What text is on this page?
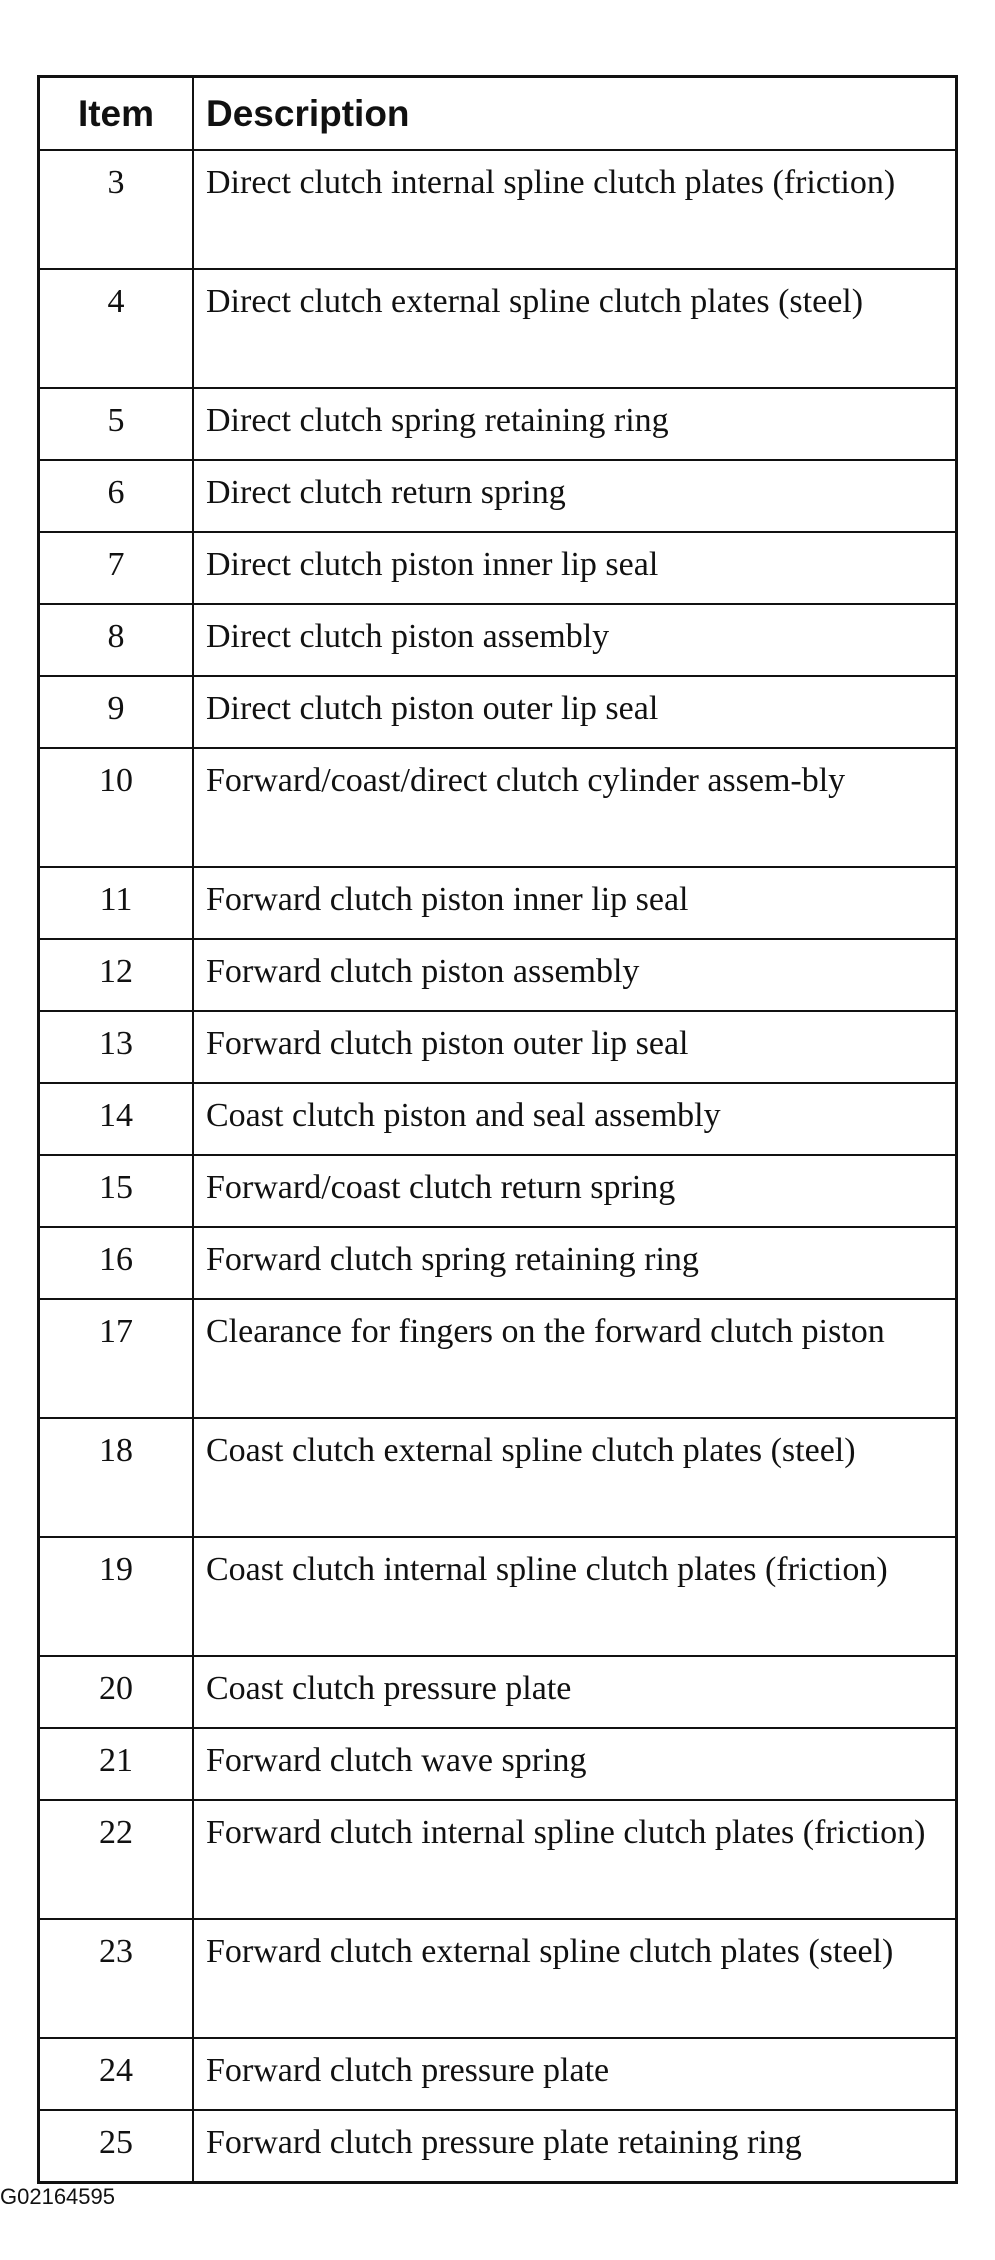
Item	Description
3	Direct clutch internal spline clutch plates (friction)
4	Direct clutch external spline clutch plates (steel)
5	Direct clutch spring retaining ring
6	Direct clutch return spring
7	Direct clutch piston inner lip seal
8	Direct clutch piston assembly
9	Direct clutch piston outer lip seal
10	Forward/coast/direct clutch cylinder assem-bly
11	Forward clutch piston inner lip seal
12	Forward clutch piston assembly
13	Forward clutch piston outer lip seal
14	Coast clutch piston and seal assembly
15	Forward/coast clutch return spring
16	Forward clutch spring retaining ring
17	Clearance for fingers on the forward clutch piston
18	Coast clutch external spline clutch plates (steel)
19	Coast clutch internal spline clutch plates (friction)
20	Coast clutch pressure plate
21	Forward clutch wave spring
22	Forward clutch internal spline clutch plates (friction)
23	Forward clutch external spline clutch plates (steel)
24	Forward clutch pressure plate
25	Forward clutch pressure plate retaining ring
G02164595
